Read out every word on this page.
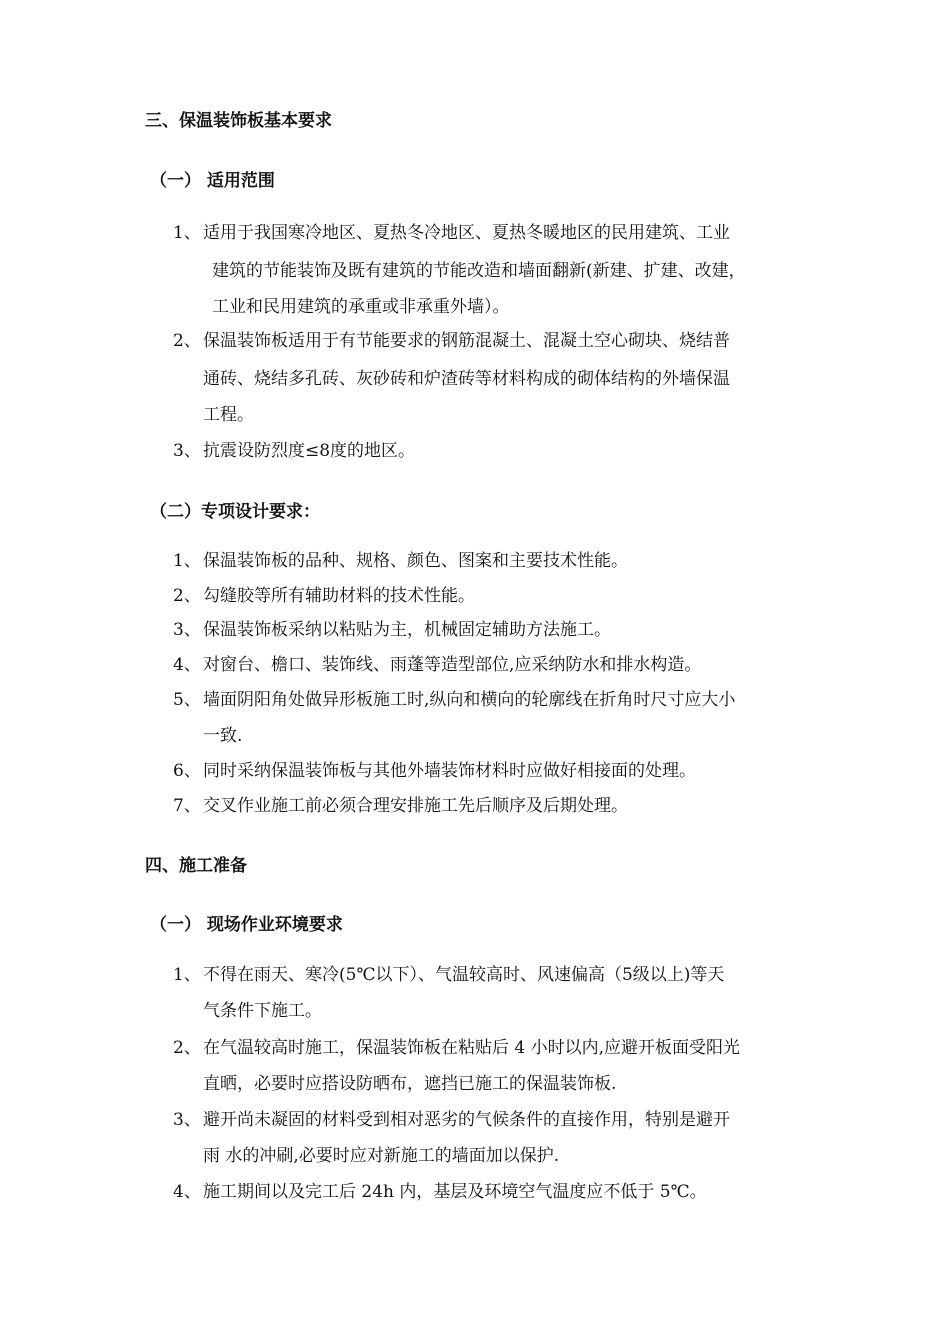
三、保温装饰板基本要求
（一） 适用范围
1、 适用于我国寒冷地区、夏热冬冷地区、夏热冬暖地区的民用建筑、工业
建筑的节能装饰及既有建筑的节能改造和墙面翻新(新建、扩建、改建，
工业和民用建筑的承重或非承重外墙）。
2、 保温装饰板适用于有节能要求的钢筋混凝土、混凝土空心砌块、烧结普
通砖、烧结多孔砖、灰砂砖和炉渣砖等材料构成的砌体结构的外墙保温
工程。
3、 抗震设防烈度≤8度的地区。
（二）专项设计要求：
1、 保温装饰板的品种、规格、颜色、图案和主要技术性能。
2、 勾缝胶等所有辅助材料的技术性能。
3、 保温装饰板采纳以粘贴为主，机械固定辅助方法施工。
4、 对窗台、檐口、装饰线、雨蓬等造型部位,应采纳防水和排水构造。
5、 墙面阴阳角处做异形板施工时,纵向和横向的轮廓线在折角时尺寸应大小
一致.
6、 同时采纳保温装饰板与其他外墙装饰材料时应做好相接面的处理。
7、 交叉作业施工前必须合理安排施工先后顺序及后期处理。
四、施工准备
（一） 现场作业环境要求
1、 不得在雨天、寒冷(5℃以下）、气温较高时、风速偏高（5级以上)等天
气条件下施工。
2、 在气温较高时施工，保温装饰板在粘贴后 4 小时以内,应避开板面受阳光
直晒，必要时应搭设防晒布，遮挡已施工的保温装饰板.
3、 避开尚未凝固的材料受到相对恶劣的气候条件的直接作用，特别是避开
雨 水的冲刷,必要时应对新施工的墙面加以保护.
4、 施工期间以及完工后 24h 内，基层及环境空气温度应不低于 5℃。
